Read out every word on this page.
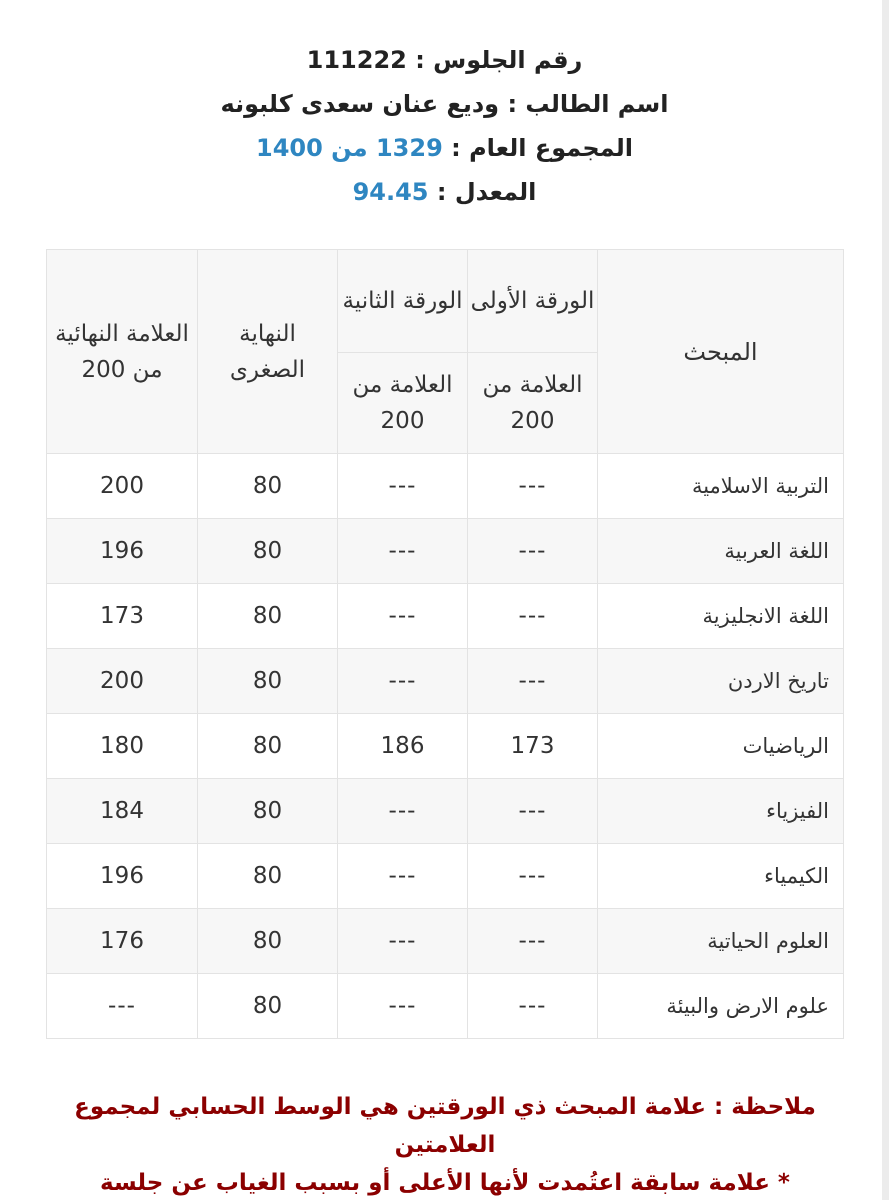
رقم الجلوس : 111222
اسم الطالب : وديع عنان سعدى كلبونه
المجموع العام : 1329 من 1400
المعدل : 94.45
المبحث	الورقة الأولى	الورقة الثانية	النهاية الصغرى	العلامة النهائية من 200
	العلامة من 200	العلامة من 200		
التربية الاسلامية	---	---	80	200
اللغة العربية	---	---	80	196
اللغة الانجليزية	---	---	80	173
تاريخ الاردن	---	---	80	200
الرياضيات	173	186	80	180
الفيزياء	---	---	80	184
الكيمياء	---	---	80	196
العلوم الحياتية	---	---	80	176
علوم الارض والبيئة	---	---	80	---
ملاحظة : علامة المبحث ذي الورقتين هي الوسط الحسابي لمجموع العلامتين
* علامة سابقة اعتُمدت لأنها الأعلى أو بسبب الغياب عن جلسة
